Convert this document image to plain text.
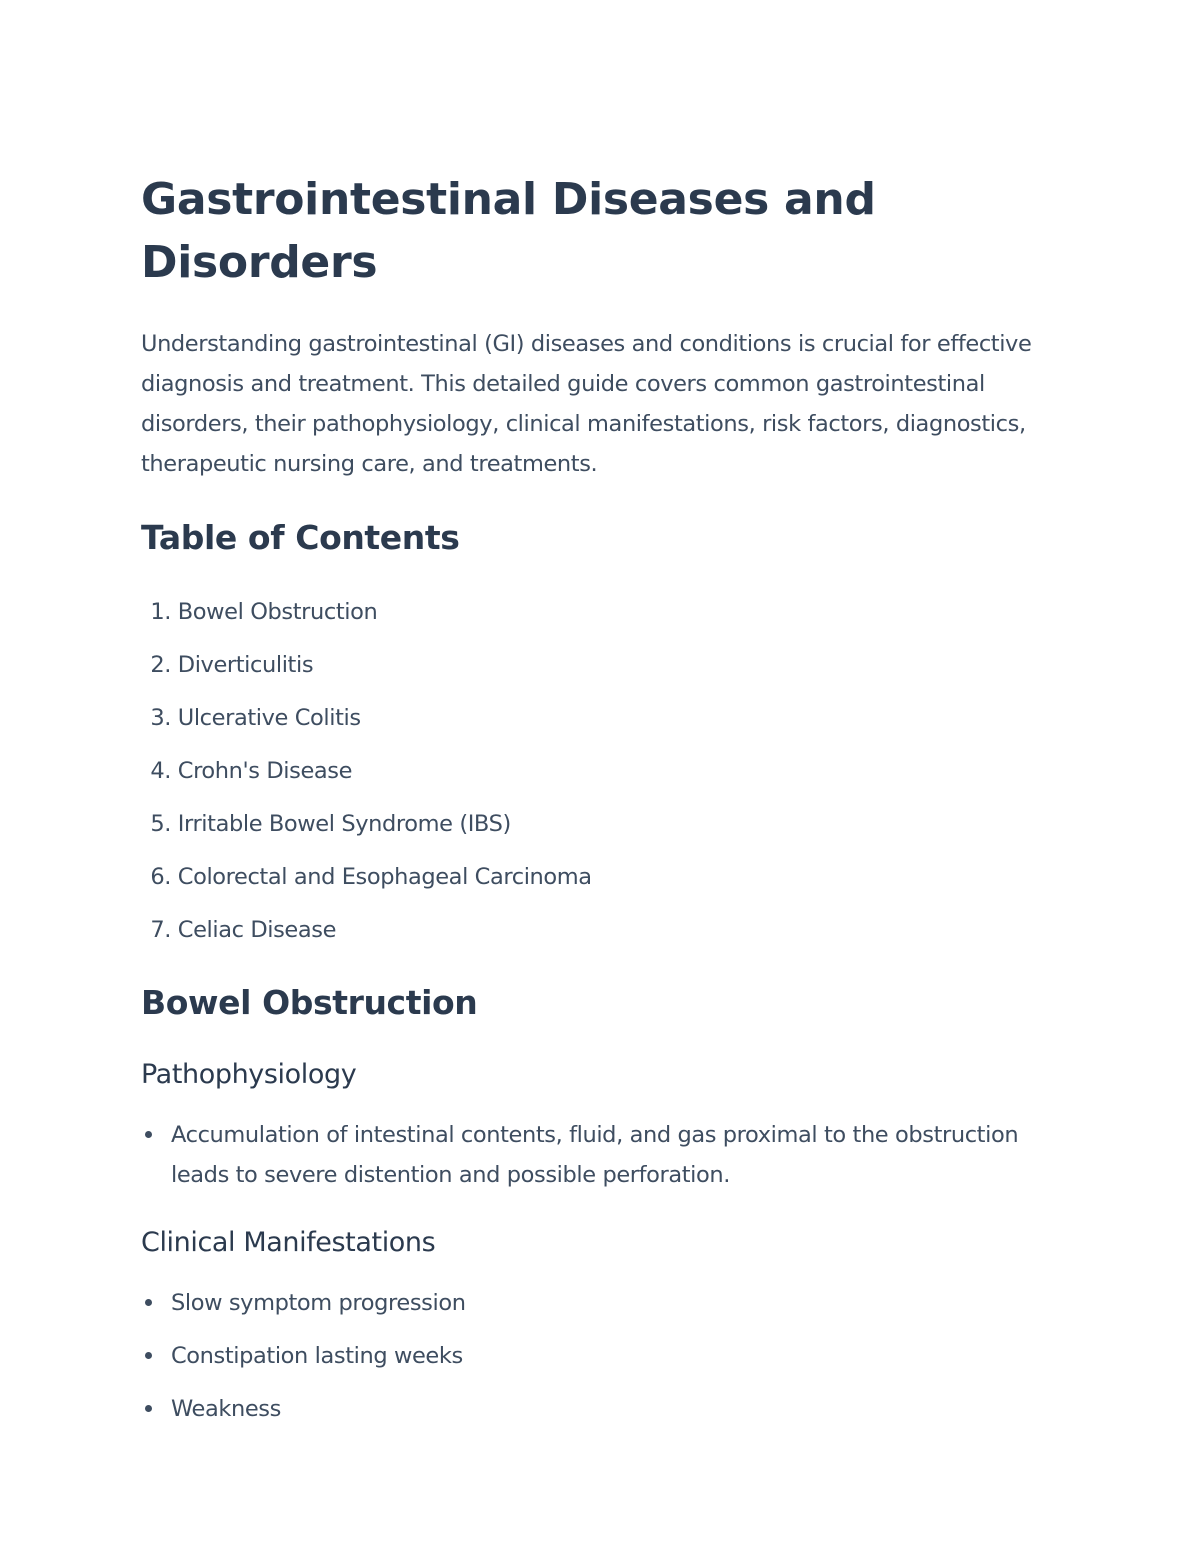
Gastrointestinal Diseases and Disorders

Understanding gastrointestinal (GI) diseases and conditions is crucial for effective diagnosis and treatment. This detailed guide covers common gastrointestinal disorders, their pathophysiology, clinical manifestations, risk factors, diagnostics, therapeutic nursing care, and treatments.

Table of Contents
1. Bowel Obstruction
2. Diverticulitis
3. Ulcerative Colitis
4. Crohn's Disease
5. Irritable Bowel Syndrome (IBS)
6. Colorectal and Esophageal Carcinoma
7. Celiac Disease
Bowel Obstruction
Pathophysiology
Accumulation of intestinal contents, fluid, and gas proximal to the obstruction leads to severe distention and possible perforation.
Clinical Manifestations
Slow symptom progression
Constipation lasting weeks
Weakness
